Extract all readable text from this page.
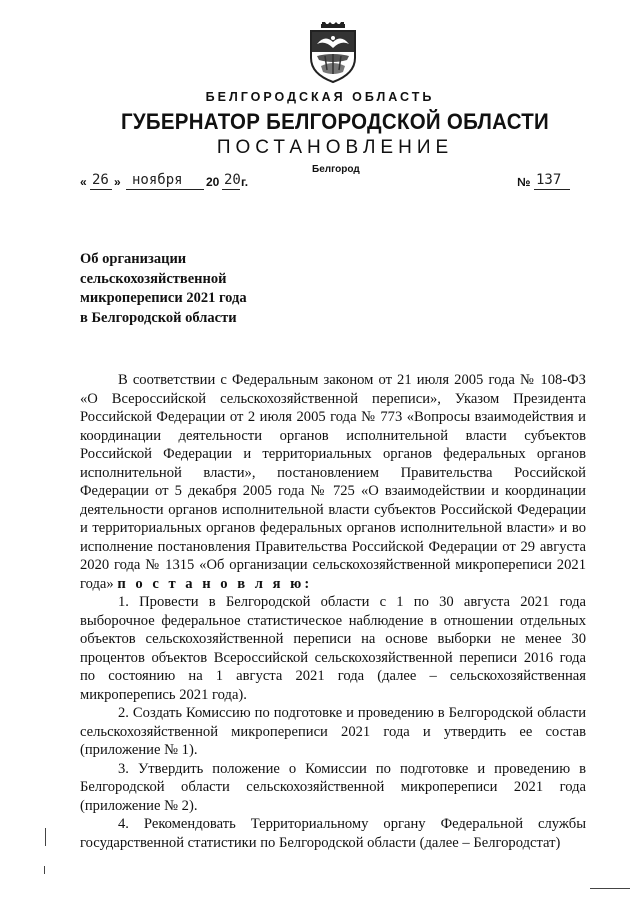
БЕЛГОРОДСКАЯ ОБЛАСТЬ
ГУБЕРНАТОР БЕЛГОРОДСКОЙ ОБЛАСТИ
ПОСТАНОВЛЕНИЕ
Белгород
« 26 » ноября 20 20 г.	№ 137
Об организации
сельскохозяйственной
микропереписи 2021 года
в Белгородской области

В соответствии с Федеральным законом от 21 июля 2005 года № 108-ФЗ «О Всероссийской сельскохозяйственной переписи», Указом Президента Российской Федерации от 2 июля 2005 года № 773 «Вопросы взаимодействия и координации деятельности органов исполнительной власти субъектов Российской Федерации и территориальных органов федеральных органов исполнительной власти», постановлением Правительства Российской Федерации от 5 декабря 2005 года № 725 «О взаимодействии и координации деятельности органов исполнительной власти субъектов Российской Федерации и территориальных органов федеральных органов исполнительной власти» и во исполнение постановления Правительства Российской Федерации от 29 августа 2020 года № 1315 «Об организации сельскохозяйственной микропереписи 2021 года» п о с т а н о в л я ю:

1. Провести в Белгородской области с 1 по 30 августа 2021 года выборочное федеральное статистическое наблюдение в отношении отдельных объектов сельскохозяйственной переписи на основе выборки не менее 30 процентов объектов Всероссийской сельскохозяйственной переписи 2016 года по состоянию на 1 августа 2021 года (далее – сельскохозяйственная микроперепись 2021 года).

2. Создать Комиссию по подготовке и проведению в Белгородской области сельскохозяйственной микропереписи 2021 года и утвердить ее состав (приложение № 1).

3. Утвердить положение о Комиссии по подготовке и проведению в Белгородской области сельскохозяйственной микропереписи 2021 года (приложение № 2).

4. Рекомендовать Территориальному органу Федеральной службы государственной статистики по Белгородской области (далее – Белгородстат)
